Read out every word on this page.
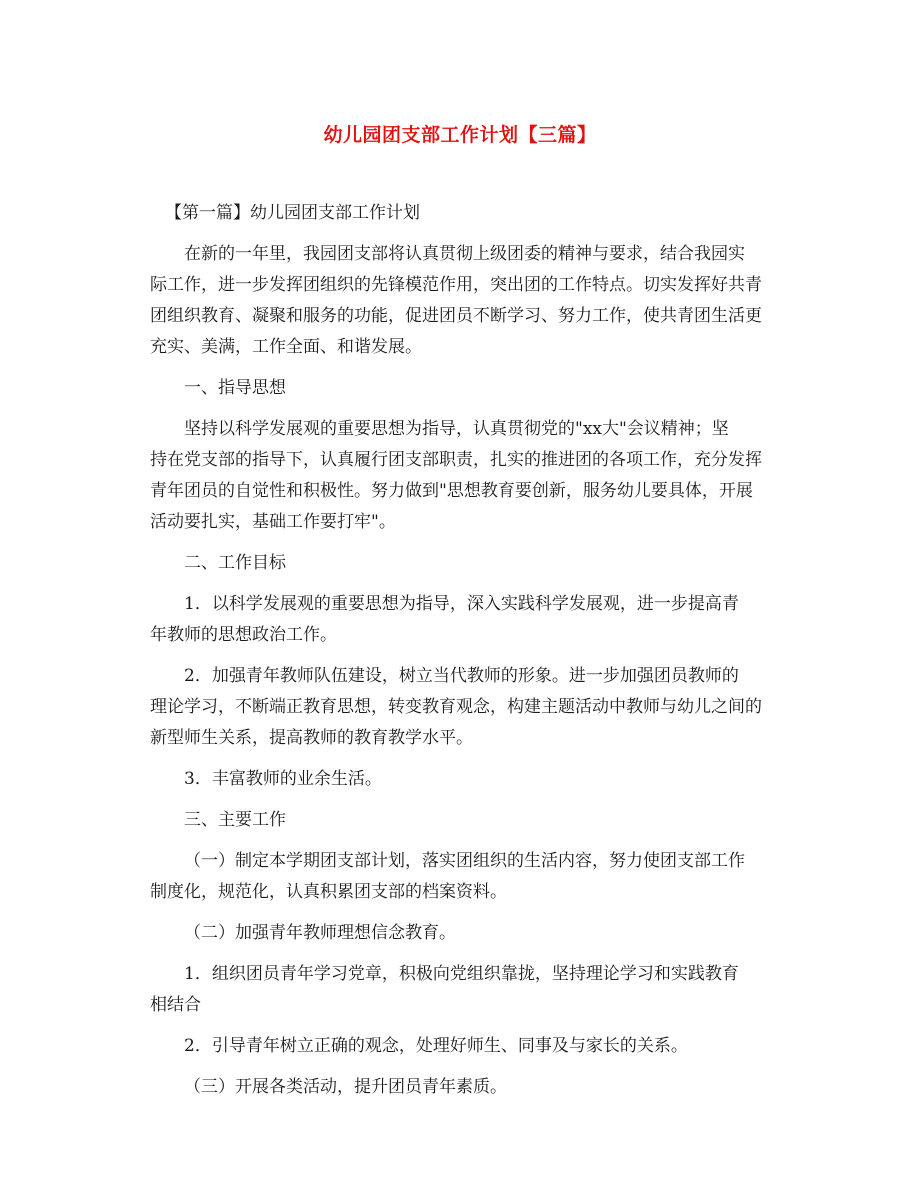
幼儿园团支部工作计划【三篇】
【第一篇】幼儿园团支部工作计划
在新的一年里，我园团支部将认真贯彻上级团委的精神与要求，结合我园实
际工作，进一步发挥团组织的先锋模范作用，突出团的工作特点。切实发挥好共青
团组织教育、凝聚和服务的功能，促进团员不断学习、努力工作，使共青团生活更
充实、美满，工作全面、和谐发展。
一、指导思想
坚持以科学发展观的重要思想为指导，认真贯彻党的"xx大"会议精神；坚
持在党支部的指导下，认真履行团支部职责，扎实的推进团的各项工作，充分发挥
青年团员的自觉性和积极性。努力做到"思想教育要创新，服务幼儿要具体，开展
活动要扎实，基础工作要打牢"。
二、工作目标
1．以科学发展观的重要思想为指导，深入实践科学发展观，进一步提高青
年教师的思想政治工作。
2．加强青年教师队伍建设，树立当代教师的形象。进一步加强团员教师的
理论学习，不断端正教育思想，转变教育观念，构建主题活动中教师与幼儿之间的
新型师生关系，提高教师的教育教学水平。
3．丰富教师的业余生活。
三、主要工作
（一）制定本学期团支部计划，落实团组织的生活内容，努力使团支部工作
制度化，规范化，认真积累团支部的档案资料。
（二）加强青年教师理想信念教育。
1．组织团员青年学习党章，积极向党组织靠拢，坚持理论学习和实践教育
相结合
2．引导青年树立正确的观念，处理好师生、同事及与家长的关系。
（三）开展各类活动，提升团员青年素质。
